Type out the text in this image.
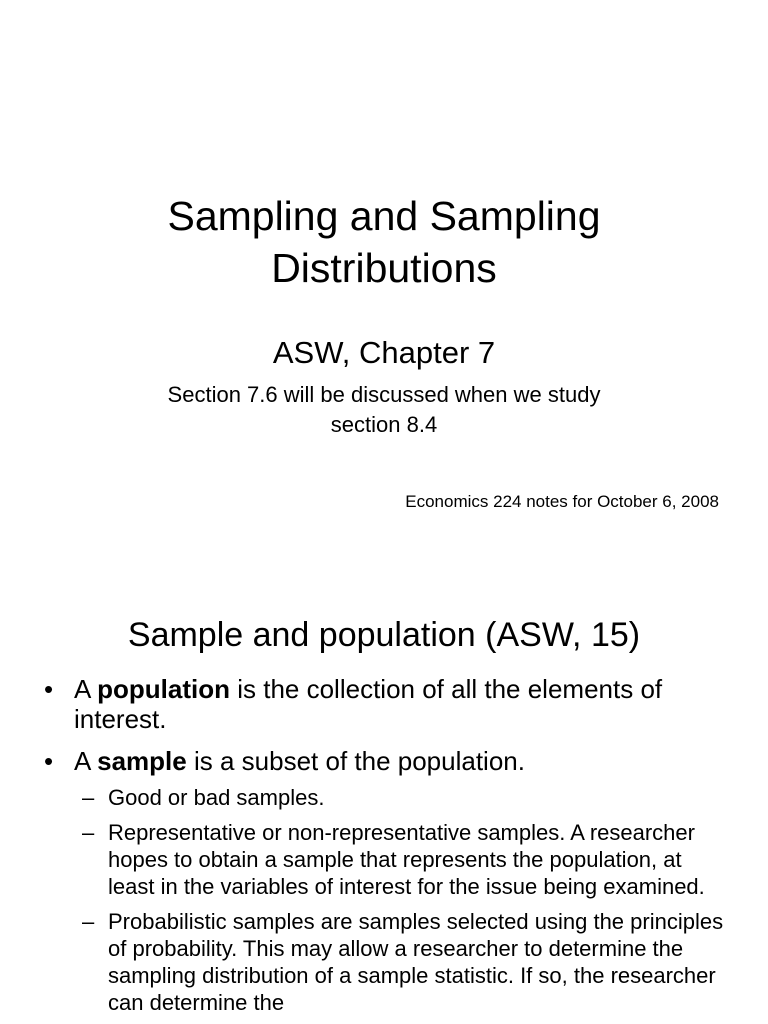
Sampling and Sampling
Distributions
ASW, Chapter 7
Section 7.6 will be discussed when we study
section 8.4
Economics 224 notes for October 6, 2008
Sample and population (ASW, 15)
• A population is the collection of all the elements of interest.
• A sample is a subset of the population.
– Good or bad samples.
– Representative or non-representative samples. A researcher hopes to obtain a sample that represents the population, at least in the variables of interest for the issue being examined.
– Probabilistic samples are samples selected using the principles of probability. This may allow a researcher to determine the sampling distribution of a sample statistic. If so, the researcher can determine the
